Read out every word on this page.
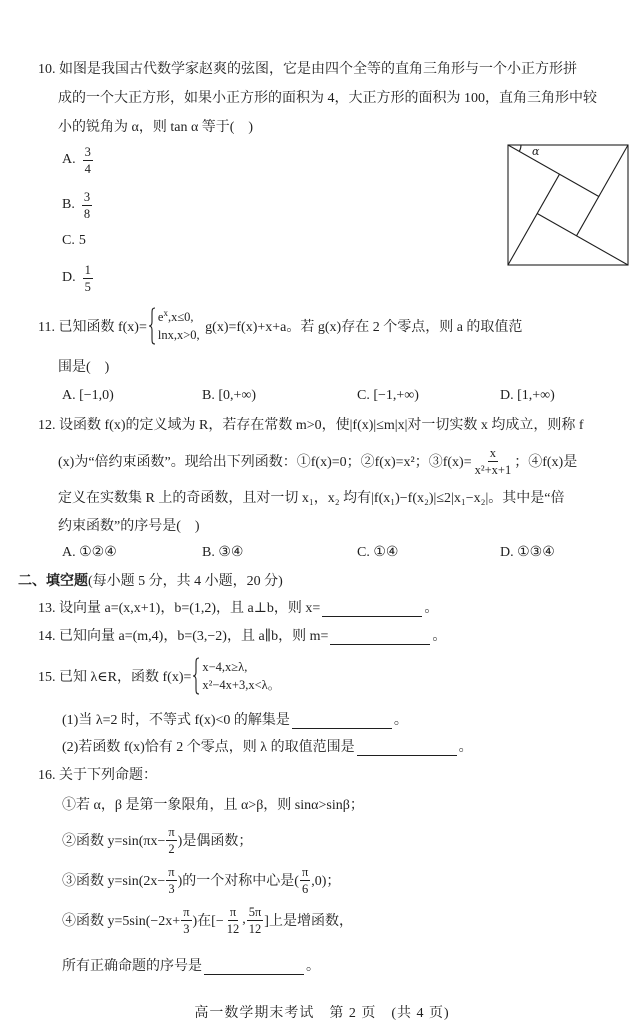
10. 如图是我国古代数学家赵爽的弦图，它是由四个全等的直角三角形与一个小正方形拼
成的一个大正方形，如果小正方形的面积为 4，大正方形的面积为 100，直角三角形中较
小的锐角为 α，则 tan α 等于(　)
A. $\frac{3}{4}$
B. $\frac{3}{8}$
C. 5
D. $\frac{1}{5}$
α
11. 已知函数 f(x)=
$e^x,x\le 0$,
lnx,x>0, g(x)=f(x)+x+a。若 g(x)存在 2 个零点，则 a 的取值范
围是(　)
A. [−1,0)	B. [0,+∞)	C. [−1,+∞)	D. [1,+∞)
12. 设函数 f(x)的定义域为 R，若存在常数 m>0，使|f(x)|≤m|x|对一切实数 x 均成立，则称 f
(x)为“倍约束函数”。现给出下列函数：①f(x)=0；②f(x)=x²；③f(x)= $\frac{x}{\text{x²+x+1}}$ ；④f(x)是
定义在实数集 R 上的奇函数，且对一切 x₁，x₂ 均有|f(x₁)−f(x₂)|≤2|x₁−x₂|。其中是“倍
约束函数”的序号是(　)
A. ①②④	B. ③④	C. ①④	D. ①③④
二、填空题 (每小题 5 分，共 4 小题，20 分)
13. 设向量 a=(x,x+1)，b=(1,2)，且 a⊥b，则 x=	。
14. 已知向量 a=(m,4)，b=(3,−2)，且 a∥b，则 m=	。
15. 已知 λ∈R，函数 f(x)=
x−4,x≥λ,
x²−4x+3,x<λ。
(1)当 λ=2 时，不等式 f(x)<0 的解集是	。
(2)若函数 f(x)恰有 2 个零点，则 λ 的取值范围是	。
16. 关于下列命题：
①若 α，β 是第一象限角，且 α>β，则 sinα>sinβ；
②函数 $y=\sin(\pi x- \frac{\pi}{2}$ )是偶函数；
③函数 $y=\sin(2x- \frac{\pi}{3}$ )的一个对称中心是( $\frac{\pi}{6} ,0$)；
④函数 $y=5\sin(-2x+ \frac{\pi}{3}$ )在[− $\frac{\pi}{12}$ , $\frac{5\pi}{12}$ ]上是增函数，
所有正确命题的序号是	。
高一数学期末考试　第 2 页　(共 4 页)
